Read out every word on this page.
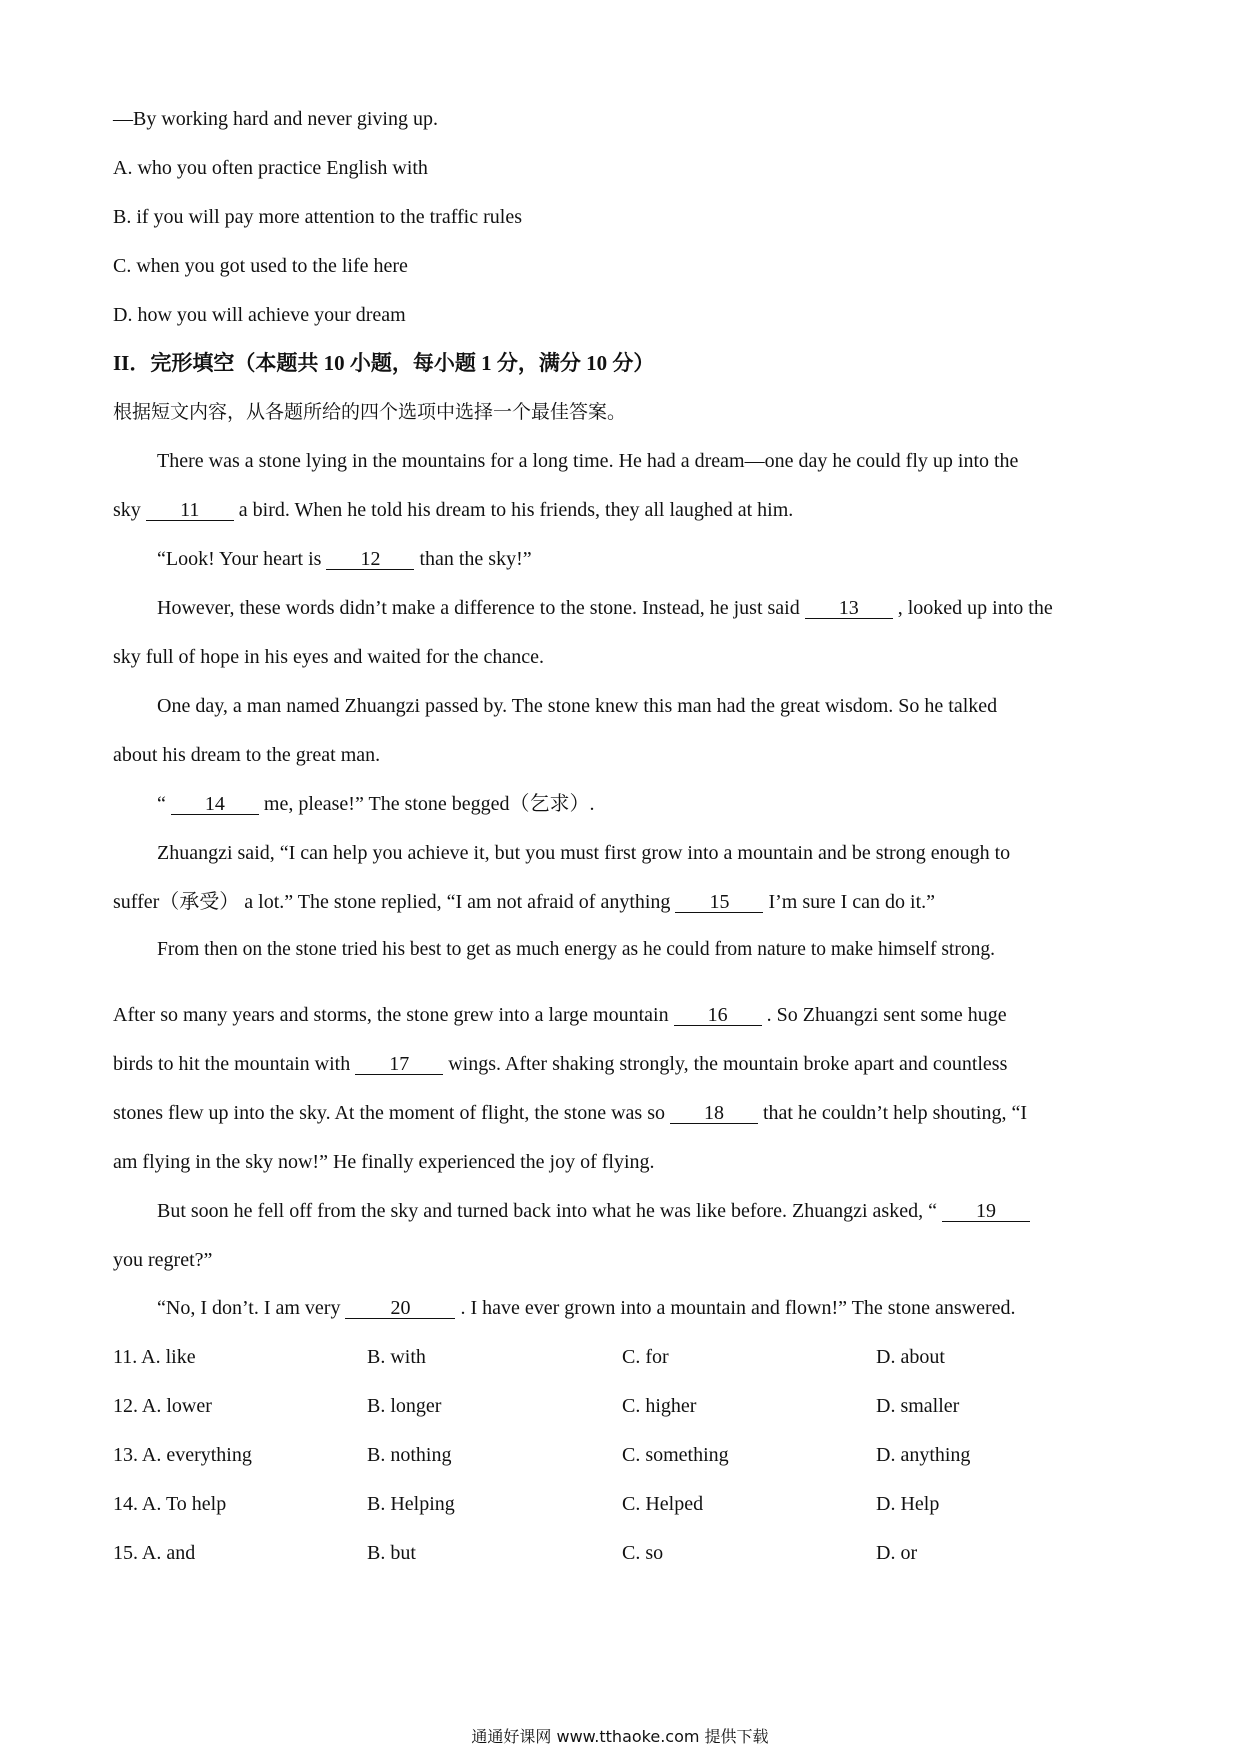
—By working hard and never giving up.
A. who you often practice English with
B. if you will pay more attention to the traffic rules
C. when you got used to the life here
D. how you will achieve your dream
II．完形填空（本题共 10 小题，每小题 1 分，满分 10 分）
根据短文内容，从各题所给的四个选项中选择一个最佳答案。
There was a stone lying in the mountains for a long time. He had a dream—one day he could fly up into the
sky 11 a bird. When he told his dream to his friends, they all laughed at him.
“Look! Your heart is 12 than the sky!”
However, these words didn’t make a difference to the stone. Instead, he just said 13 , looked up into the
sky full of hope in his eyes and waited for the chance.
One day, a man named Zhuangzi passed by. The stone knew this man had the great wisdom. So he talked
about his dream to the great man.
“ 14 me, please!” The stone begged（乞求）.
Zhuangzi said, “I can help you achieve it, but you must first grow into a mountain and be strong enough to
suffer（承受） a lot.” The stone replied, “I am not afraid of anything 15 I’m sure I can do it.”
From then on the stone tried his best to get as much energy as he could from nature to make himself strong.
After so many years and storms, the stone grew into a large mountain 16 . So Zhuangzi sent some huge
birds to hit the mountain with 17 wings. After shaking strongly, the mountain broke apart and countless
stones flew up into the sky. At the moment of flight, the stone was so 18 that he couldn’t help shouting, “I
am flying in the sky now!” He finally experienced the joy of flying.
But soon he fell off from the sky and turned back into what he was like before. Zhuangzi asked, “ 19
you regret?”
“No, I don’t. I am very 20 . I have ever grown into a mountain and flown!” The stone answered.
11. A. like	B. with	C. for	D. about
12. A. lower	B. longer	C. higher	D. smaller
13. A. everything	B. nothing	C. something	D. anything
14. A. To help	B. Helping	C. Helped	D. Help
15. A. and	B. but	C. so	D. or
通通好课网 www.tthaoke.com 提供下载
